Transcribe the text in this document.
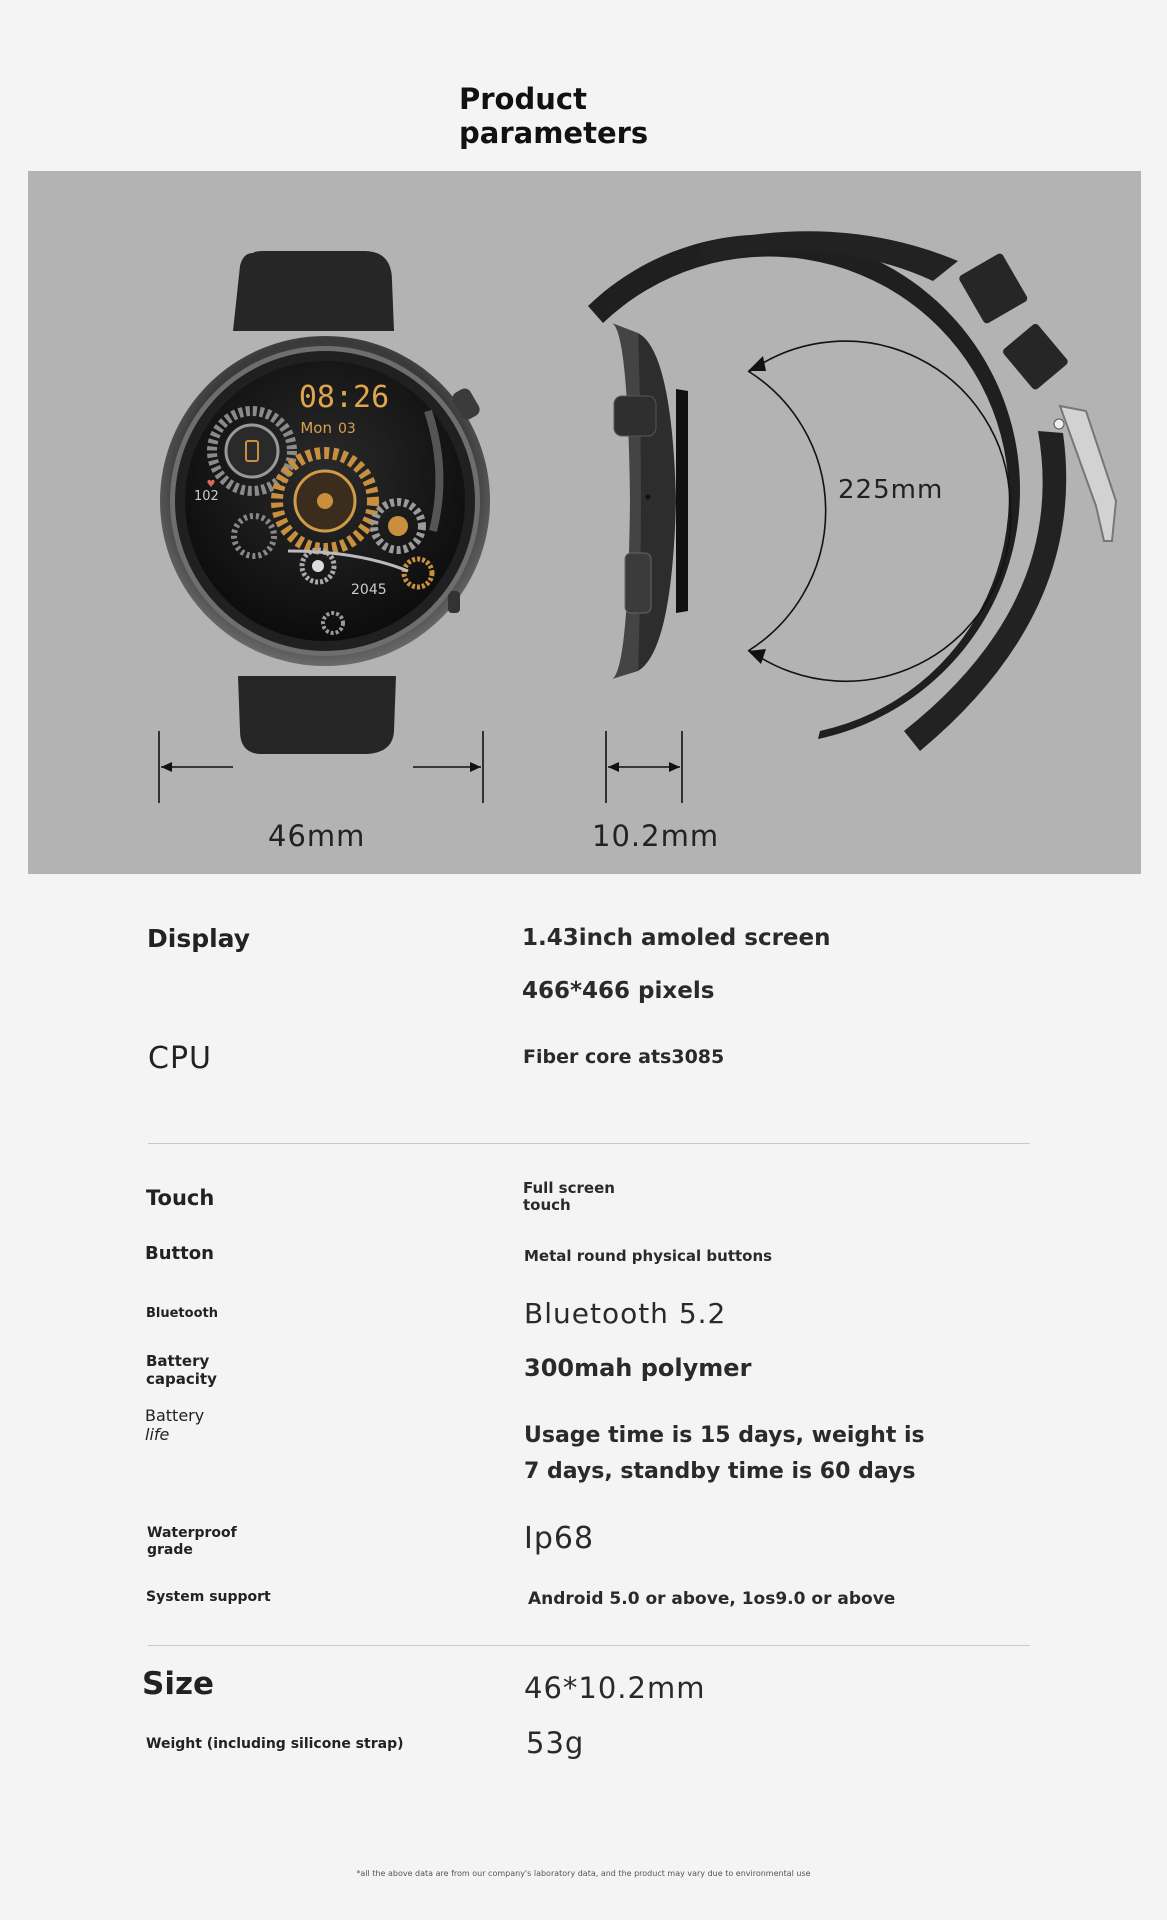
Product
parameters
08:26
Mon 03
102
♥
2045
225mm
46mm	10.2mm
Display	1.43inch amoled screen
466*466 pixels
CPU	Fiber core ats3085
Touch	Full screen
touch
Button	Metal round physical buttons
Bluetooth	Bluetooth 5.2
Battery
capacity	300mah polymer
Battery
life	Usage time is 15 days, weight is
7 days, standby time is 60 days
Waterproof
grade	Ip68
System support	Android 5.0 or above, 1os9.0 or above
Size	46*10.2mm
Weight (including silicone strap)	53g
*all the above data are from our company's laboratory data, and the product may vary due to environmental use
